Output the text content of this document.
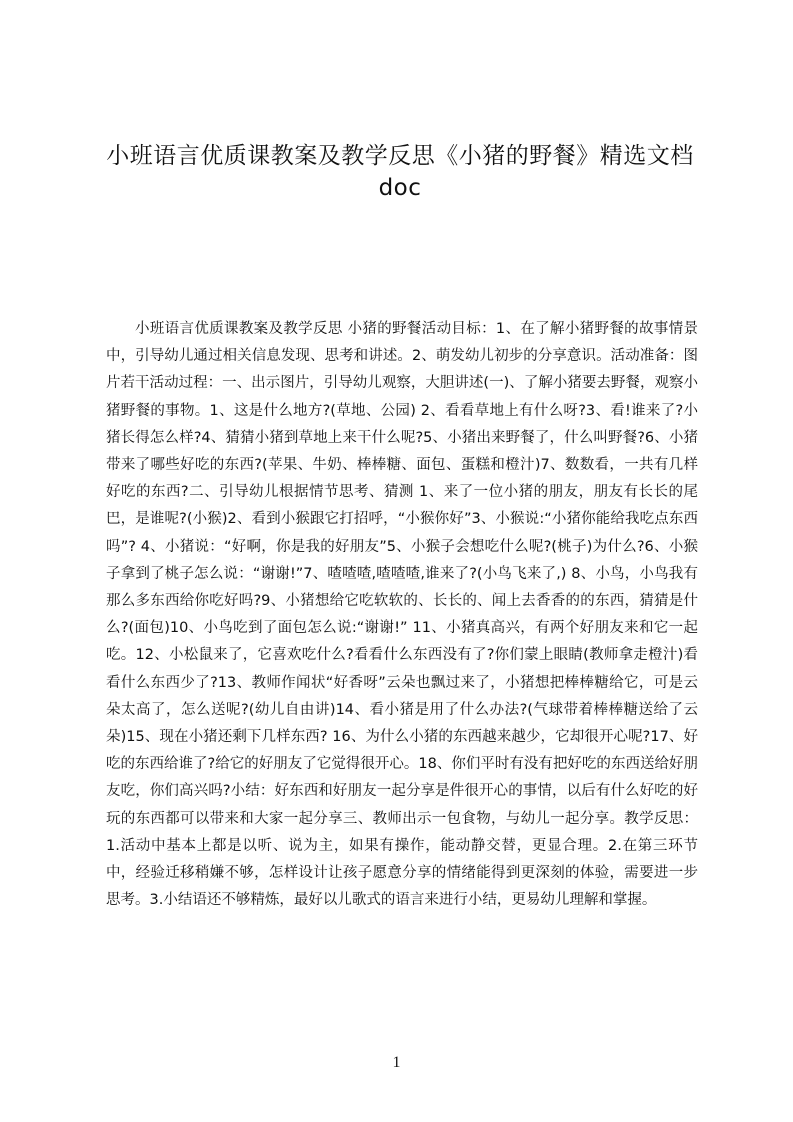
小班语言优质课教案及教学反思《小猪的野餐》精选文档
doc
小班语言优质课教案及教学反思 小猪的野餐活动目标：1、在了解小猪野餐的故事情景中，引导幼儿通过相关信息发现、思考和讲述。2、萌发幼儿初步的分享意识。活动准备：图片若干活动过程：一、出示图片，引导幼儿观察，大胆讲述(一)、了解小猪要去野餐，观察小猪野餐的事物。1、这是什么地方?(草地、公园) 2、看看草地上有什么呀?3、看!谁来了?小猪长得怎么样?4、猜猜小猪到草地上来干什么呢?5、小猪出来野餐了，什么叫野餐?6、小猪带来了哪些好吃的东西?(苹果、牛奶、棒棒糖、面包、蛋糕和橙汁)7、数数看，一共有几样好吃的东西?二、引导幼儿根据情节思考、猜测 1、来了一位小猪的朋友，朋友有长长的尾巴，是谁呢?(小猴)2、看到小猴跟它打招呼，“小猴你好”3、小猴说:“小猪你能给我吃点东西吗”? 4、小猪说：“好啊，你是我的好朋友”5、小猴子会想吃什么呢?(桃子)为什么?6、小猴子拿到了桃子怎么说：“谢谢!”7、喳喳喳,喳喳喳,谁来了?(小鸟飞来了,) 8、小鸟，小鸟我有那么多东西给你吃好吗?9、小猪想给它吃软软的、长长的、闻上去香香的的东西，猜猜是什么?(面包)10、小鸟吃到了面包怎么说:“谢谢!” 11、小猪真高兴，有两个好朋友来和它一起吃。12、小松鼠来了，它喜欢吃什么?看看什么东西没有了?你们蒙上眼睛(教师拿走橙汁)看看什么东西少了?13、教师作闻状“好香呀”云朵也飘过来了，小猪想把棒棒糖给它，可是云朵太高了，怎么送呢?(幼儿自由讲)14、看小猪是用了什么办法?(气球带着棒棒糖送给了云朵)15、现在小猪还剩下几样东西? 16、为什么小猪的东西越来越少，它却很开心呢?17、好吃的东西给谁了?给它的好朋友了它觉得很开心。18、你们平时有没有把好吃的东西送给好朋友吃，你们高兴吗?小结：好东西和好朋友一起分享是件很开心的事情，以后有什么好吃的好玩的东西都可以带来和大家一起分享三、教师出示一包食物，与幼儿一起分享。教学反思：1.活动中基本上都是以听、说为主，如果有操作，能动静交替，更显合理。2.在第三环节中，经验迁移稍嫌不够，怎样设计让孩子愿意分享的情绪能得到更深刻的体验，需要进一步思考。3.小结语还不够精炼，最好以儿歌式的语言来进行小结，更易幼儿理解和掌握。
1
